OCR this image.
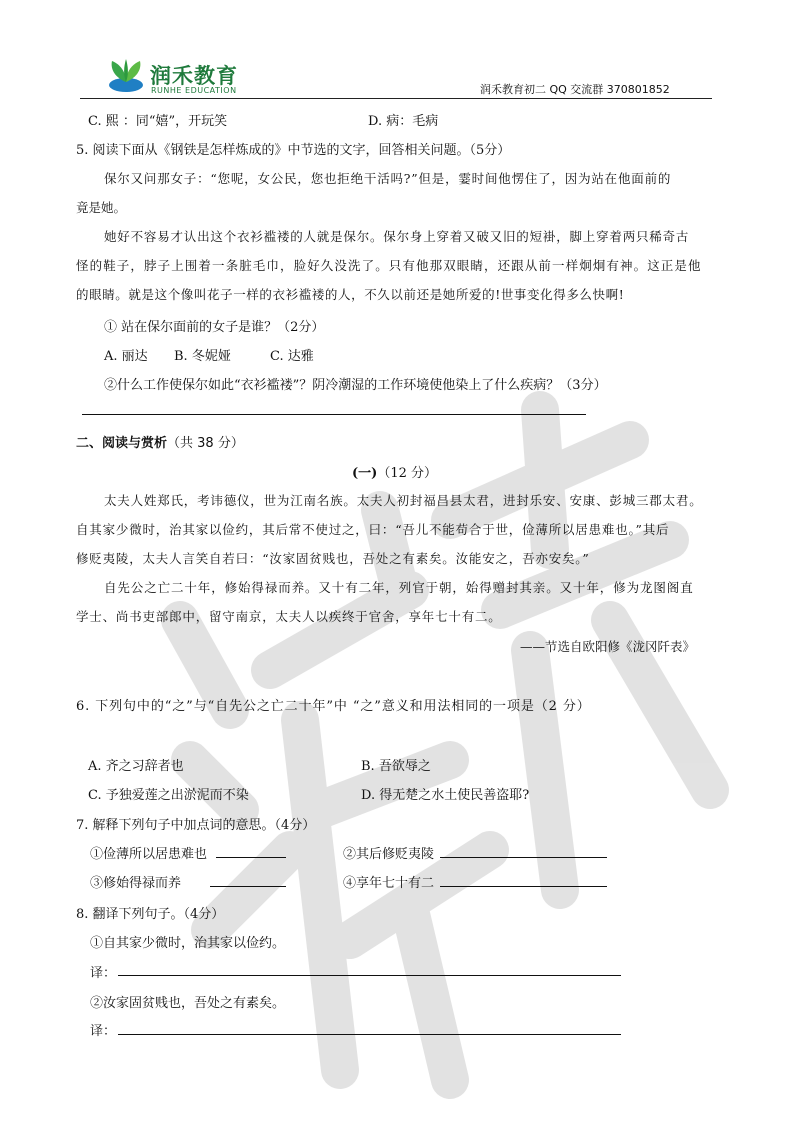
润禾教育
RUNHE EDUCATION	润禾教育初二 QQ 交流群 370801852
C. 熙 ：同“嬉”，开玩笑	D. 病：毛病
5. 阅读下面从《钢铁是怎样炼成的》中节选的文字，回答相关问题。（5分）
保尔又问那女子：“您呢，女公民，您也拒绝干活吗?”但是，霎时间他愣住了，因为站在他面前的
竟是她。
她好不容易才认出这个衣衫褴褛的人就是保尔。保尔身上穿着又破又旧的短褂，脚上穿着两只稀奇古
怪的鞋子，脖子上围着一条脏毛巾，脸好久没洗了。只有他那双眼睛，还跟从前一样炯炯有神。这正是他
的眼睛。就是这个像叫花子一样的衣衫褴褛的人，不久以前还是她所爱的!世事变化得多么快啊!
① 站在保尔面前的女子是谁？（2分）
A. 丽达 B. 冬妮娅	C. 达雅
②什么工作使保尔如此“衣衫褴褛”？阴冷潮湿的工作环境使他染上了什么疾病？（3分）
二、阅读与赏析（共 38 分）
(一)（12 分）
太夫人姓郑氏，考讳德仪，世为江南名族。太夫人初封福昌县太君，进封乐安、安康、彭城三郡太君。
自其家少微时，治其家以俭约，其后常不使过之，曰：“吾儿不能苟合于世，俭薄所以居患难也。”其后
修贬夷陵，太夫人言笑自若曰：“汝家固贫贱也，吾处之有素矣。汝能安之，吾亦安矣。”
自先公之亡二十年，修始得禄而养。又十有二年，列官于朝，始得赠封其亲。又十年，修为龙图阁直
学士、尚书吏部郎中，留守南京，太夫人以疾终于官舍，享年七十有二。
——节选自欧阳修《泷冈阡表》
6. 下列句中的“之”与“自先公之亡二十年”中 “之”意义和用法相同的一项是（2 分）
A. 齐之习辞者也	B. 吾欲辱之
C. 予独爱莲之出淤泥而不染	D. 得无楚之水土使民善盗耶?
7. 解释下列句子中加点词的意思。（4分）
①俭薄所以居患难也	②其后修贬夷陵
③修始得禄而养	④享年七十有二
8. 翻译下列句子。（4分）
①自其家少微时，治其家以俭约。
译：
②汝家固贫贱也，吾处之有素矣。
译：
